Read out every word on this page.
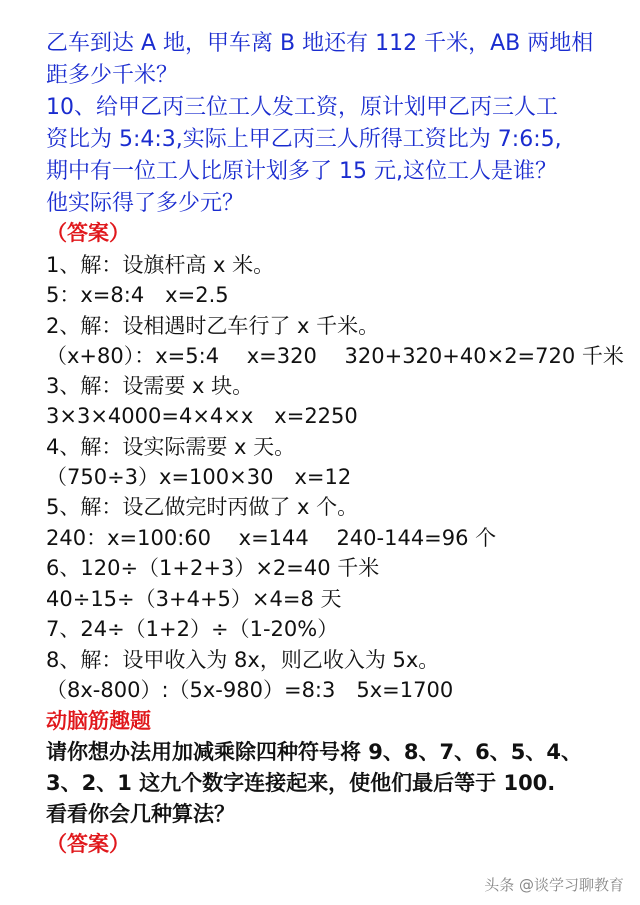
乙车到达 A 地，甲车离 B 地还有 112 千米，AB 两地相
距多少千米？
10、给甲乙丙三位工人发工资，原计划甲乙丙三人工
资比为 5:4:3,实际上甲乙丙三人所得工资比为 7:6:5,
期中有一位工人比原计划多了 15 元,这位工人是谁？
他实际得了多少元？
（答案）
1、解：设旗杆高 x 米。
5：x=8:4　x=2.5
2、解：设相遇时乙车行了 x 千米。
（x+80）：x=5:4　 x=320　 320+320+40×2=720 千米
3、解：设需要 x 块。
3×3×4000=4×4×x　x=2250
4、解：设实际需要 x 天。
（750÷3）x=100×30　x=12
5、解：设乙做完时丙做了 x 个。
240：x=100:60　 x=144　 240-144=96 个
6、120÷（1+2+3）×2=40 千米
40÷15÷（3+4+5）×4=8 天
7、24÷（1+2）÷（1-20%）
8、解：设甲收入为 8x，则乙收入为 5x。
（8x-800）:（5x-980）=8:3　5x=1700
动脑筋趣题
请你想办法用加减乘除四种符号将 9、8、7、6、5、4、
3、2、1 这九个数字连接起来，使他们最后等于 100.
看看你会几种算法？
（答案）
头条 @谈学习聊教育
